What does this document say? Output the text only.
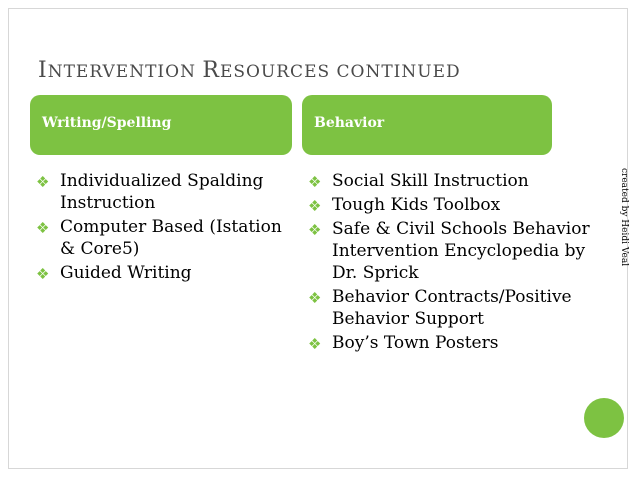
INTERVENTION RESOURCES CONTINUED
Writing/Spelling	Behavior
❖ Individualized Spalding Instruction
❖ Computer Based (Istation & Core5)
❖ Guided Writing
❖ Social Skill Instruction
❖ Tough Kids Toolbox
❖ Safe & Civil Schools Behavior Intervention Encyclopedia by Dr. Sprick
❖ Behavior Contracts/Positive Behavior Support
❖ Boy’s Town Posters
created by Heidi Veal
